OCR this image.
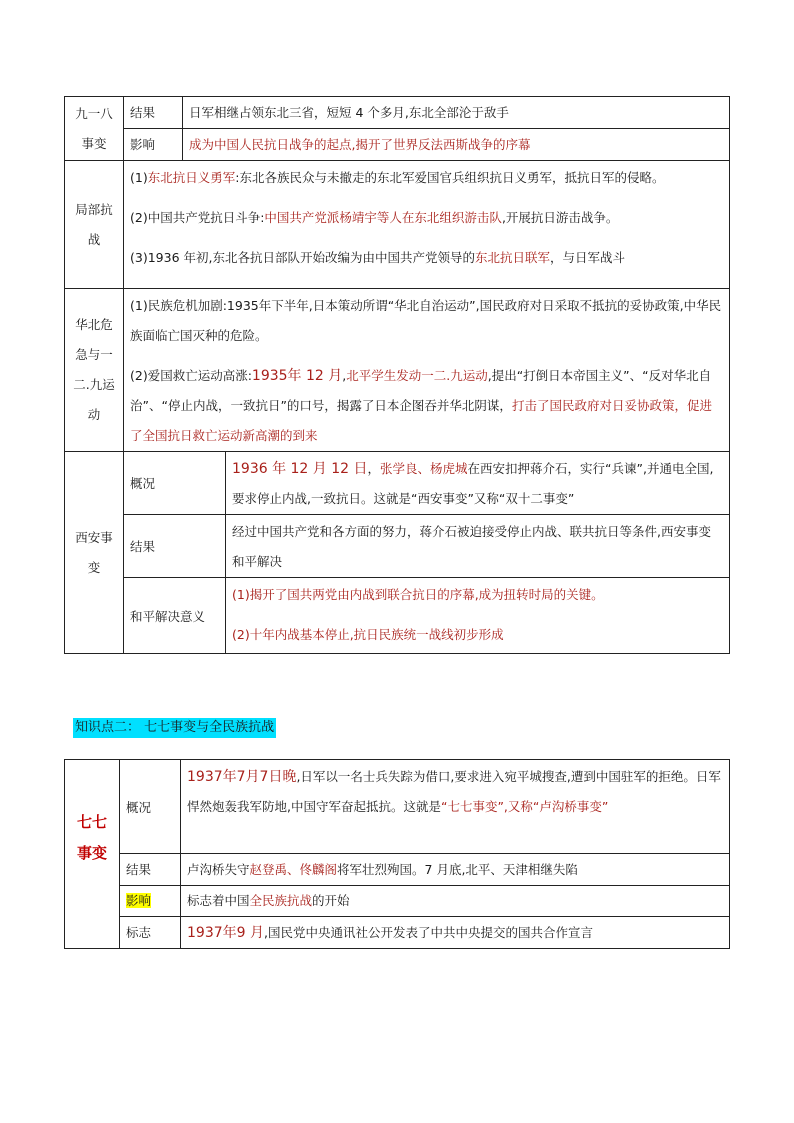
九一八事变	结果	日军相继占领东北三省，短短 4 个多月,东北全部沦于敌手	
	影响	成为中国人民抗日战争的起点,揭开了世界反法西斯战争的序幕	
局部抗战	(1)东北抗日义勇军:东北各族民众与未撤走的东北军爱国官兵组织抗日义勇军，抵抗日军的侵略。
(2)中国共产党抗日斗争:中国共产党派杨靖宇等人在东北组织游击队,开展抗日游击战争。
(3)1936 年初,东北各抗日部队开始改编为由中国共产党领导的东北抗日联军，与日军战斗		

华北危急与一二.九运动	(1)民族危机加剧:1935年下半年,日本策动所谓“华北自治运动”,国民政府对日采取不抵抗的妥协政策,中华民族面临亡国灭种的危险。
(2)爱国救亡运动高涨:1935年 12 月,北平学生发动一二.九运动,提出“打倒日本帝国主义”、“反对华北自治”、“停止内战，一致抗日”的口号，揭露了日本企图吞并华北阴谋，打击了国民政府对日妥协政策，促进了全国抗日救亡运动新高潮的到来		

西安事变	概况		1936 年 12 月 12 日，张学良、杨虎城在西安扣押蒋介石，实行“兵谏”,并通电全国,要求停止内战,一致抗日。这就是“西安事变”又称“双十二事变”
	结果		经过中国共产党和各方面的努力，蒋介石被迫接受停止内战、联共抗日等条件,西安事变和平解决
	和平解决意义		(1)揭开了国共两党由内战到联合抗日的序幕,成为扭转时局的关键。
(2)十年内战基本停止,抗日民族统一战线初步形成
知识点二： 七七事变与全民族抗战
七七事变	概况	1937年7月7日晚,日军以一名士兵失踪为借口,要求进入宛平城搜查,遭到中国驻军的拒绝。日军悍然炮轰我军防地,中国守军奋起抵抗。这就是“七七事变”,又称“卢沟桥事变”
	结果	卢沟桥失守赵登禹、佟麟阁将军壮烈殉国。7 月底,北平、天津相继失陷
	影响	标志着中国全民族抗战的开始
	标志	1937年9 月,国民党中央通讯社公开发表了中共中央提交的国共合作宣言
